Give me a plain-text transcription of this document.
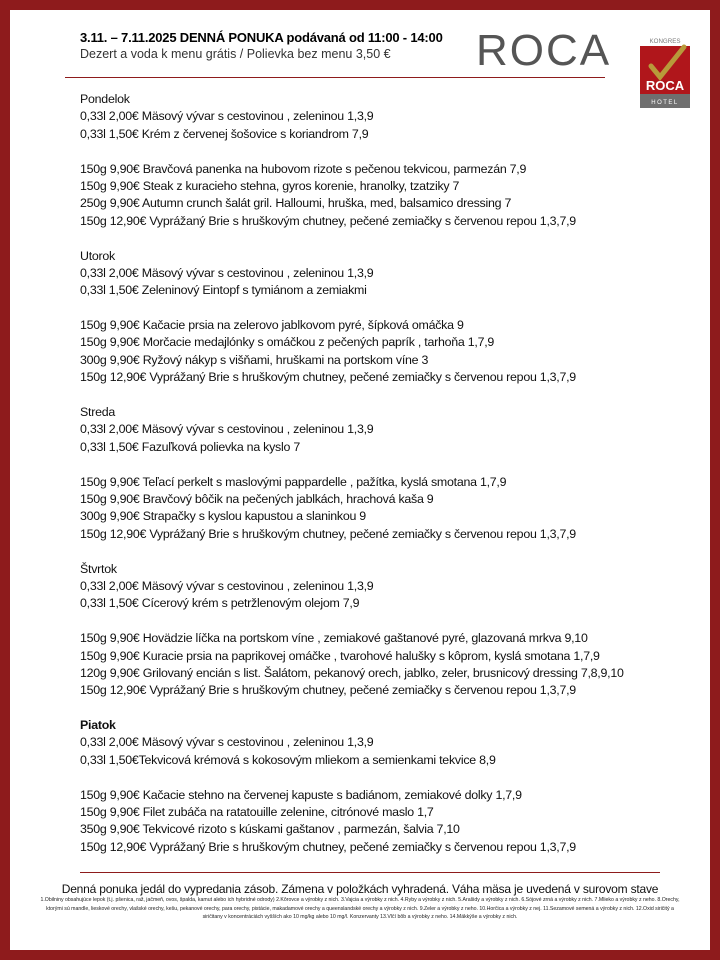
3.11. – 7.11.2025 DENNÁ PONUKA podávaná od 11:00 - 14:00
Dezert a voda k menu grátis / Polievka bez menu 3,50 € ROCA	KONGRES
ROCA
HOTEL
Pondelok
0,33l 2,00€ Mäsový vývar s cestovinou , zeleninou 1,3,9
0,33l 1,50€ Krém z červenej šošovice s koriandrom 7,9
150g 9,90€ Bravčová panenka na hubovom rizote s pečenou tekvicou, parmezán 7,9
150g 9,90€ Steak z kuracieho stehna, gyros korenie, hranolky, tzatziky 7
250g 9,90€ Autumn crunch šalát gril. Halloumi, hruška, med, balsamico dressing 7
150g 12,90€ Vyprážaný Brie s hruškovým chutney, pečené zemiačky s červenou repou 1,3,7,9
Utorok
0,33l 2,00€ Mäsový vývar s cestovinou , zeleninou 1,3,9
0,33l 1,50€ Zeleninový Eintopf s tymiánom a zemiakmi
150g 9,90€ Kačacie prsia na zelerovo jablkovom pyré, šípková omáčka 9
150g 9,90€ Morčacie medajlónky s omáčkou z pečených paprík , tarhoňa 1,7,9
300g 9,90€ Ryžový nákyp s višňami, hruškami na portskom víne 3
150g 12,90€ Vyprážaný Brie s hruškovým chutney, pečené zemiačky s červenou repou 1,3,7,9
Streda
0,33l 2,00€ Mäsový vývar s cestovinou , zeleninou 1,3,9
0,33l 1,50€ Fazuľková polievka na kyslo 7
150g 9,90€ Teľací perkelt s maslovými pappardelle , pažítka, kyslá smotana 1,7,9
150g 9,90€ Bravčový bôčik na pečených jablkách, hrachová kaša 9
300g 9,90€ Strapačky s kyslou kapustou a slaninkou 9
150g 12,90€ Vyprážaný Brie s hruškovým chutney, pečené zemiačky s červenou repou 1,3,7,9
Štvrtok
0,33l 2,00€ Mäsový vývar s cestovinou , zeleninou 1,3,9
0,33l 1,50€ Cícerový krém s petržlenovým olejom 7,9
150g 9,90€ Hovädzie líčka na portskom víne , zemiakové gaštanové pyré, glazovaná mrkva 9,10
150g 9,90€ Kuracie prsia na paprikovej omáčke , tvarohové halušky s kôprom, kyslá smotana 1,7,9
120g 9,90€ Grilovaný encián s list. Šalátom, pekanový orech, jablko, zeler, brusnicový dressing 7,8,9,10
150g 12,90€ Vyprážaný Brie s hruškovým chutney, pečené zemiačky s červenou repou 1,3,7,9
Piatok
0,33l 2,00€ Mäsový vývar s cestovinou , zeleninou 1,3,9
0,33l 1,50€Tekvicová krémová s kokosovým mliekom a semienkami tekvice 8,9
150g 9,90€ Kačacie stehno na červenej kapuste s badiánom, zemiakové dolky 1,7,9
150g 9,90€ Filet zubáča na ratatouille zelenine, citrónové maslo 1,7
350g 9,90€ Tekvicové rizoto s kúskami gaštanov , parmezán, šalvia 7,10
150g 12,90€ Vyprážaný Brie s hruškovým chutney, pečené zemiačky s červenou repou 1,3,7,9
Denná ponuka jedál do vypredania zásob. Zámena v položkách vyhradená. Váha mäsa je uvedená v surovom stave
1.Obilniny obsahujúce lepok (t.j. pšenica, raž, jačmeň, ovos, špalda, kamut alebo ich hybridné odrody) 2.Kôrovce a výrobky z nich. 3.Vajcia a výrobky z nich. 4.Ryby a výrobky z nich. 5.Arašidy a výrobky z nich. 6.Sójové zrná a výrobky z nich. 7.Mlieko a výrobky z neho. 8.Orechy, ktorými sú mandle, lieskové orechy, vlašské orechy, kešu, pekanové orechy, para orechy, pistácie, makadamové orechy a queenslandské orechy a výrobky z nich. 9.Zeler a výrobky z neho. 10.Horčica a výrobky z nej. 11.Sezamové semená a výrobky z nich. 12.Oxid siričitý a siričitany v koncentráciách vyšších ako 10 mg/kg alebo 10 mg/l. Konzervanty 13.Vlčí bôb a výrobky z neho. 14.Mäkkýše a výrobky z nich.
